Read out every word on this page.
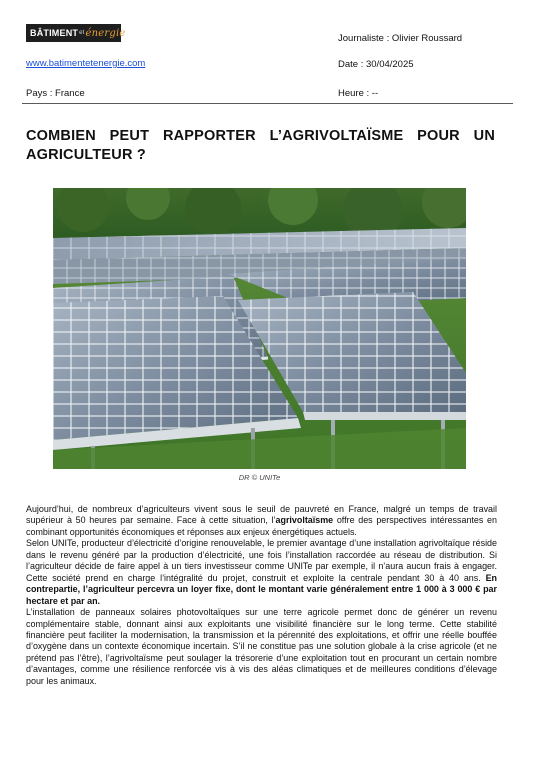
BÂTIMENT et énergie	Journaliste : Olivier Roussard
www.batimentetenergie.com	Date : 30/04/2025
Pays : France	Heure : --
COMBIEN PEUT RAPPORTER L’AGRIVOLTAÏSME POUR UN
AGRICULTEUR ?
DR © UNITe

Aujourd’hui, de nombreux d’agriculteurs vivent sous le seuil de pauvreté en France, malgré un temps de travail supérieur à 50 heures par semaine. Face à cette situation, l’agrivoltaïsme offre des perspectives intéressantes en combinant opportunités économiques et réponses aux enjeux énergétiques actuels.

Selon UNITe, producteur d’électricité d’origine renouvelable, le premier avantage d’une installation agrivoltaïque réside dans le revenu généré par la production d’électricité, une fois l’installation raccordée au réseau de distribution. Si l’agriculteur décide de faire appel à un tiers investisseur comme UNITe par exemple, il n’aura aucun frais à engager. Cette société prend en charge l’intégralité du projet, construit et exploite la centrale pendant 30 à 40 ans. En contrepartie, l’agriculteur percevra un loyer fixe, dont le montant varie généralement entre 1 000 à 3 000 € par hectare et par an.

L’installation de panneaux solaires photovoltaïques sur une terre agricole permet donc de générer un revenu complémentaire stable, donnant ainsi aux exploitants une visibilité financière sur le long terme. Cette stabilité financière peut faciliter la modernisation, la transmission et la pérennité des exploitations, et offrir une réelle bouffée d’oxygène dans un contexte économique incertain. S’il ne constitue pas une solution globale à la crise agricole (et ne prétend pas l’être), l’agrivoltaïsme peut soulager la trésorerie d’une exploitation tout en procurant un certain nombre d’avantages, comme une résilience renforcée vis à vis des aléas climatiques et de meilleures conditions d’élevage pour les animaux.
